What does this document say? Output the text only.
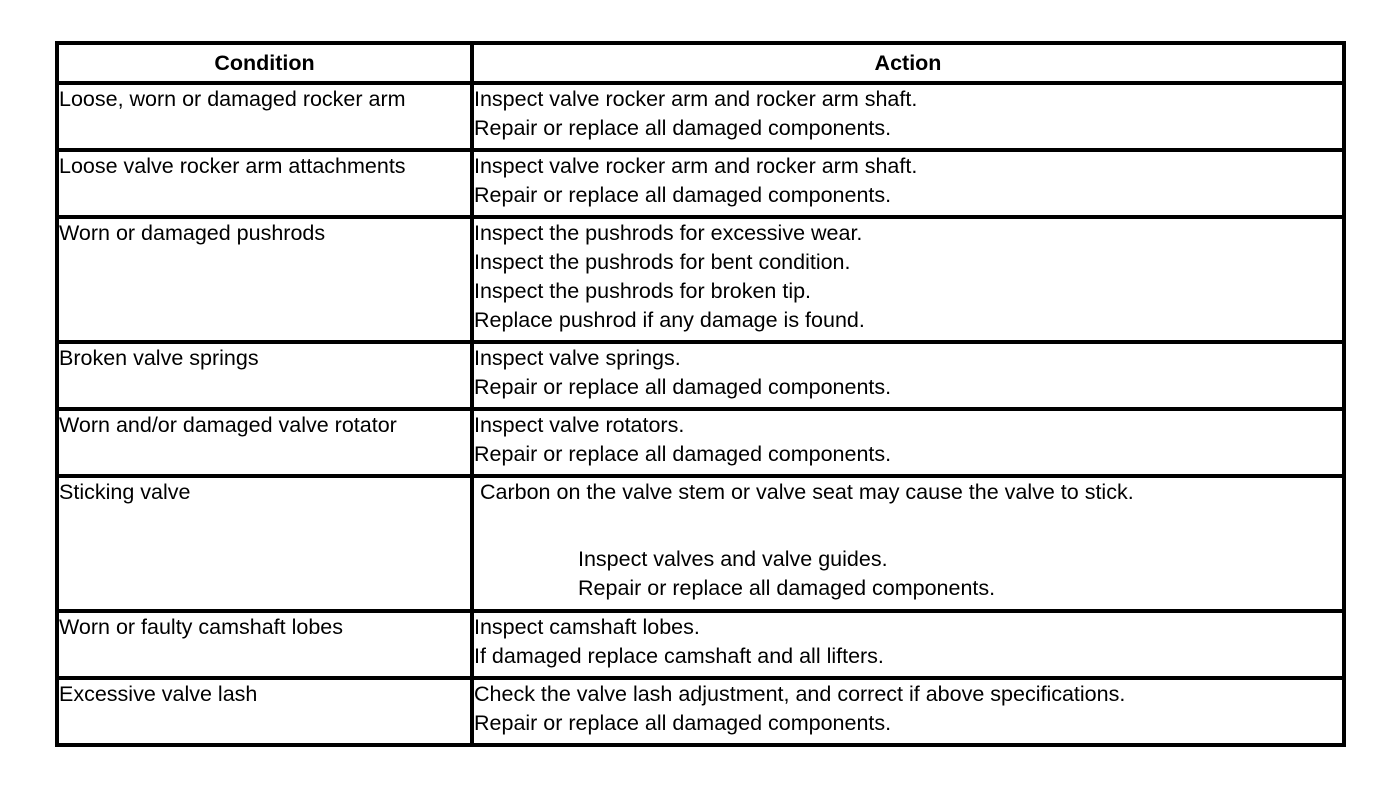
Condition	Action
Loose, worn or damaged rocker arm	Inspect valve rocker arm and rocker arm shaft.
Repair or replace all damaged components.

Loose valve rocker arm attachments	Inspect valve rocker arm and rocker arm shaft.
Repair or replace all damaged components.

Worn or damaged pushrods	Inspect the pushrods for excessive wear.
Inspect the pushrods for bent condition.
Inspect the pushrods for broken tip.
Replace pushrod if any damage is found.

Broken valve springs	Inspect valve springs.
Repair or replace all damaged components.

Worn and/or damaged valve rotator	Inspect valve rotators.
Repair or replace all damaged components.

Sticking valve	Carbon on the valve stem or valve seat may cause the valve to stick.
Inspect valves and valve guides.
Repair or replace all damaged components.

Worn or faulty camshaft lobes	Inspect camshaft lobes.
If damaged replace camshaft and all lifters.

Excessive valve lash	Check the valve lash adjustment, and correct if above specifications.
Repair or replace all damaged components.
